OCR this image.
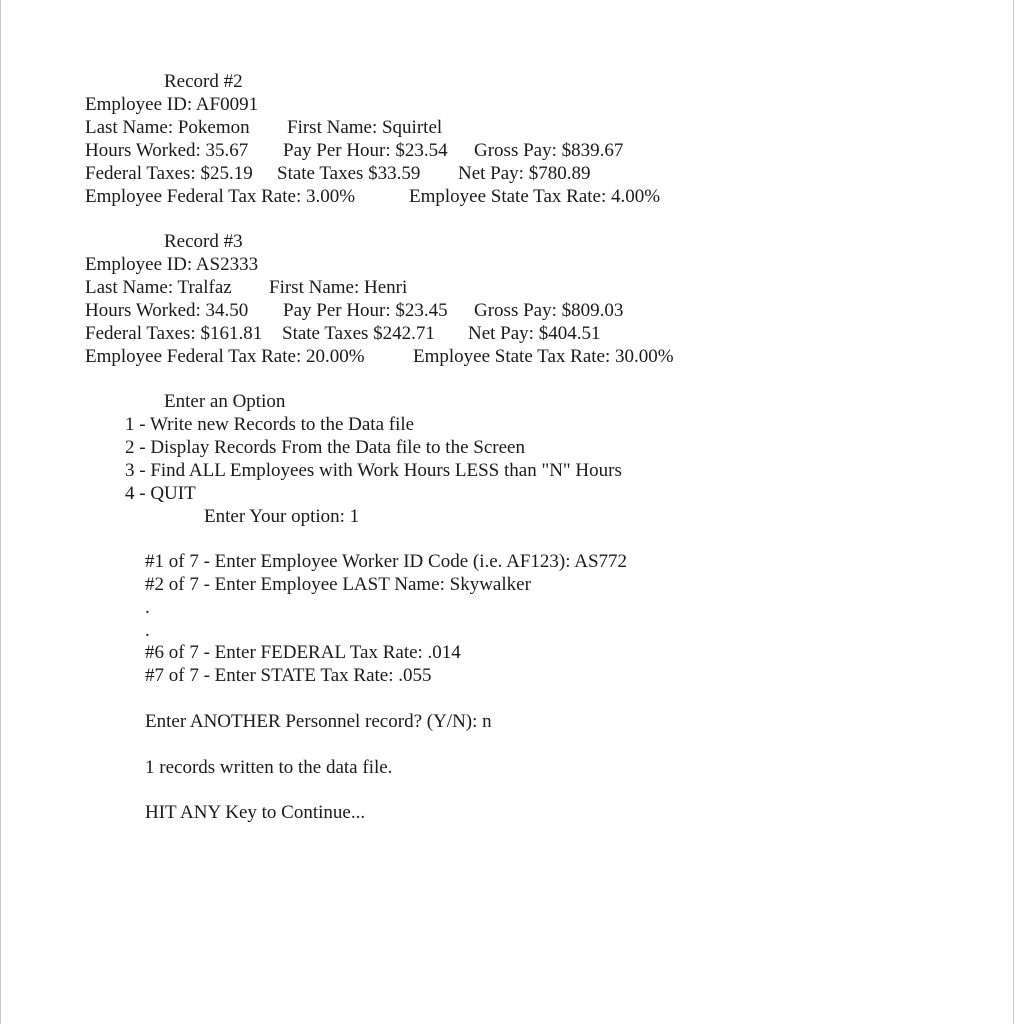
Record #2
Employee ID: AF0091
Last Name: Pokemon First Name: Squirtel
Hours Worked: 35.67 Pay Per Hour: $23.54 Gross Pay: $839.67
Federal Taxes: $25.19 State Taxes $33.59 Net Pay: $780.89
Employee Federal Tax Rate: 3.00%	Employee State Tax Rate: 4.00%
Record #3
Employee ID: AS2333
Last Name: Tralfaz First Name: Henri
Hours Worked: 34.50 Pay Per Hour: $23.45 Gross Pay: $809.03
Federal Taxes: $161.81 State Taxes $242.71 Net Pay: $404.51
Employee Federal Tax Rate: 20.00%	Employee State Tax Rate: 30.00%
Enter an Option
1 - Write new Records to the Data file
2 - Display Records From the Data file to the Screen
3 - Find ALL Employees with Work Hours LESS than "N" Hours
4 - QUIT
Enter Your option: 1
#1 of 7 - Enter Employee Worker ID Code (i.e. AF123): AS772
#2 of 7 - Enter Employee LAST Name: Skywalker
.
.
#6 of 7 - Enter FEDERAL Tax Rate: .014
#7 of 7 - Enter STATE Tax Rate: .055
Enter ANOTHER Personnel record? (Y/N): n
1 records written to the data file.
HIT ANY Key to Continue...
